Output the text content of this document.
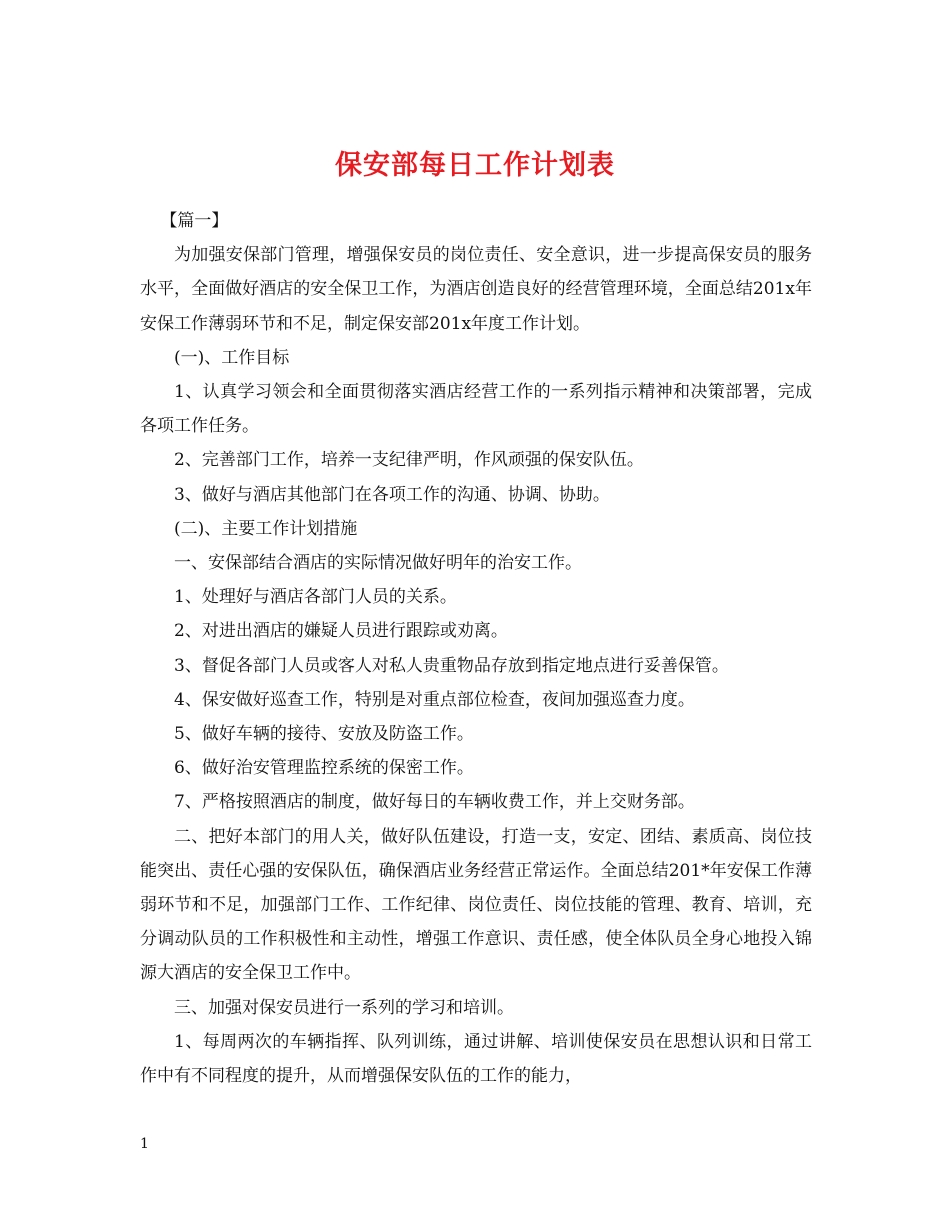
保安部每日工作计划表

【篇一】

为加强安保部门管理，增强保安员的岗位责任、安全意识，进一步提高保安员的服务水平，全面做好酒店的安全保卫工作，为酒店创造良好的经营管理环境，全面总结201x年安保工作薄弱环节和不足，制定保安部201x年度工作计划。

(一)、工作目标

1、认真学习领会和全面贯彻落实酒店经营工作的一系列指示精神和决策部署，完成各项工作任务。

2、完善部门工作，培养一支纪律严明，作风顽强的保安队伍。

3、做好与酒店其他部门在各项工作的沟通、协调、协助。

(二)、主要工作计划措施

一、安保部结合酒店的实际情况做好明年的治安工作。

1、处理好与酒店各部门人员的关系。

2、对进出酒店的嫌疑人员进行跟踪或劝离。

3、督促各部门人员或客人对私人贵重物品存放到指定地点进行妥善保管。

4、保安做好巡查工作，特别是对重点部位检查，夜间加强巡查力度。

5、做好车辆的接待、安放及防盗工作。

6、做好治安管理监控系统的保密工作。

7、严格按照酒店的制度，做好每日的车辆收费工作，并上交财务部。

二、把好本部门的用人关，做好队伍建设，打造一支，安定、团结、素质高、岗位技能突出、责任心强的安保队伍，确保酒店业务经营正常运作。全面总结201*年安保工作薄弱环节和不足，加强部门工作、工作纪律、岗位责任、岗位技能的管理、教育、培训，充分调动队员的工作积极性和主动性，增强工作意识、责任感，使全体队员全身心地投入锦源大酒店的安全保卫工作中。

三、加强对保安员进行一系列的学习和培训。

1、每周两次的车辆指挥、队列训练，通过讲解、培训使保安员在思想认识和日常工作中有不同程度的提升，从而增强保安队伍的工作的能力，

1
